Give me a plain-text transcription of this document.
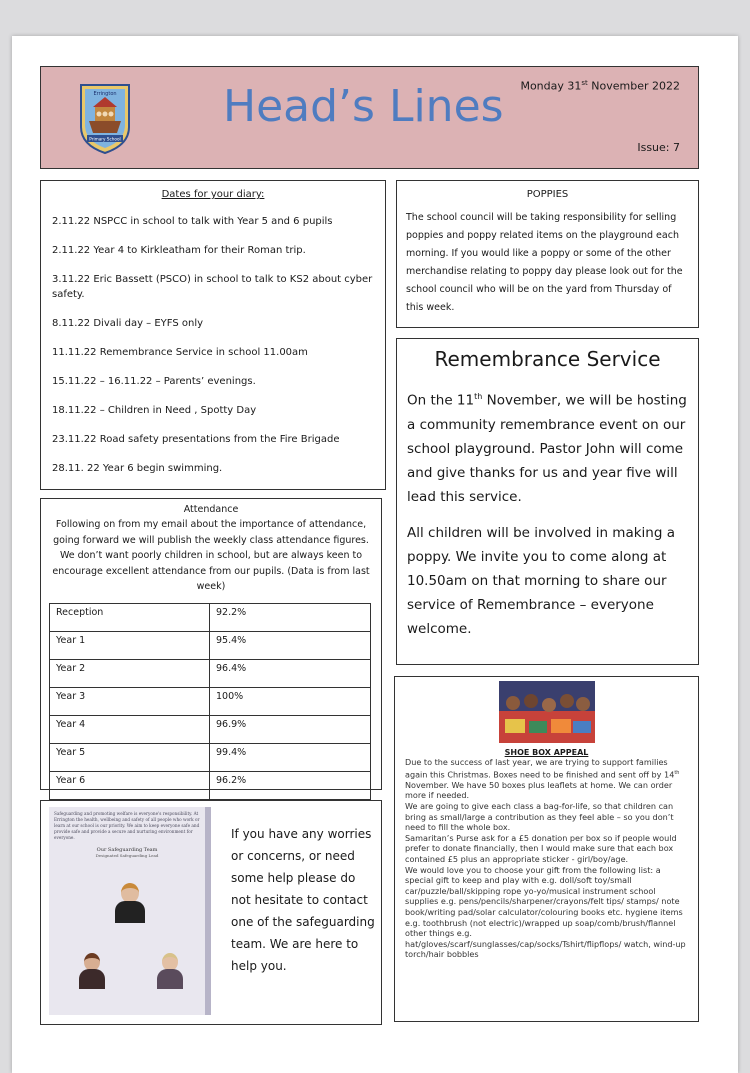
Errington
Primary School
Head’s Lines Monday 31st November 2022
Issue: 7
Dates for your diary:
2.11.22 NSPCC in school to talk with Year 5 and 6 pupils
2.11.22 Year 4 to Kirkleatham for their Roman trip.
3.11.22 Eric Bassett (PSCO) in school to talk to KS2 about cyber safety.
8.11.22 Divali day – EYFS only
11.11.22 Remembrance Service in school 11.00am
15.11.22 – 16.11.22 – Parents’ evenings.
18.11.22 – Children in Need , Spotty Day
23.11.22 Road safety presentations from the Fire Brigade
28.11. 22 Year 6 begin swimming.
POPPIES

The school council will be taking responsibility for selling poppies and poppy related items on the playground each morning. If you would like a poppy or some of the other merchandise relating to poppy day please look out for the school council who will be on the yard from Thursday of this week.

Remembrance Service

On the 11th November, we will be hosting a community remembrance event on our school playground. Pastor John will come and give thanks for us and year five will lead this service.

All children will be involved in making a poppy. We invite you to come along at 10.50am on that morning to share our service of Remembrance – everyone welcome.

Attendance

Following on from my email about the importance of attendance, going forward we will publish the weekly class attendance figures. We don’t want poorly children in school, but are always keen to encourage excellent attendance from our pupils. (Data is from last week)

Reception	92.2%
Year 1	95.4%
Year 2	96.4%
Year 3	100%
Year 4	96.9%
Year 5	99.4%
Year 6	96.2%
Safeguarding and promoting welfare is everyone's responsibility. At Errington the health, wellbeing and safety of all people who work or learn at our school is our priority. We aim to keep everyone safe and provide safe and provide a secure and nurturing environment for everyone.
Our Safeguarding Team
Designated Safeguarding Lead

If you have any worries or concerns, or need some help please do not hesitate to contact one of the safeguarding team. We are here to help you.

SHOE BOX APPEAL

Due to the success of last year, we are trying to support families again this Christmas. Boxes need to be finished and sent off by 14th November. We have 50 boxes plus leaflets at home. We can order more if needed.

We are going to give each class a bag-for-life, so that children can bring as small/large a contribution as they feel able – so you don’t need to fill the whole box.

Samaritan’s Purse ask for a £5 donation per box so if people would prefer to donate financially, then I would make sure that each box contained £5 plus an appropriate sticker - girl/boy/age.

We would love you to choose your gift from the following list: a special gift to keep and play with e.g. doll/soft toy/small car/puzzle/ball/skipping rope yo-yo/musical instrument school supplies e.g. pens/pencils/sharpener/crayons/felt tips/ stamps/ note book/writing pad/solar calculator/colouring books etc. hygiene items e.g. toothbrush (not electric)/wrapped up soap/comb/brush/flannel other things e.g. hat/gloves/scarf/sunglasses/cap/socks/Tshirt/flipflops/ watch, wind-up torch/hair bobbles
